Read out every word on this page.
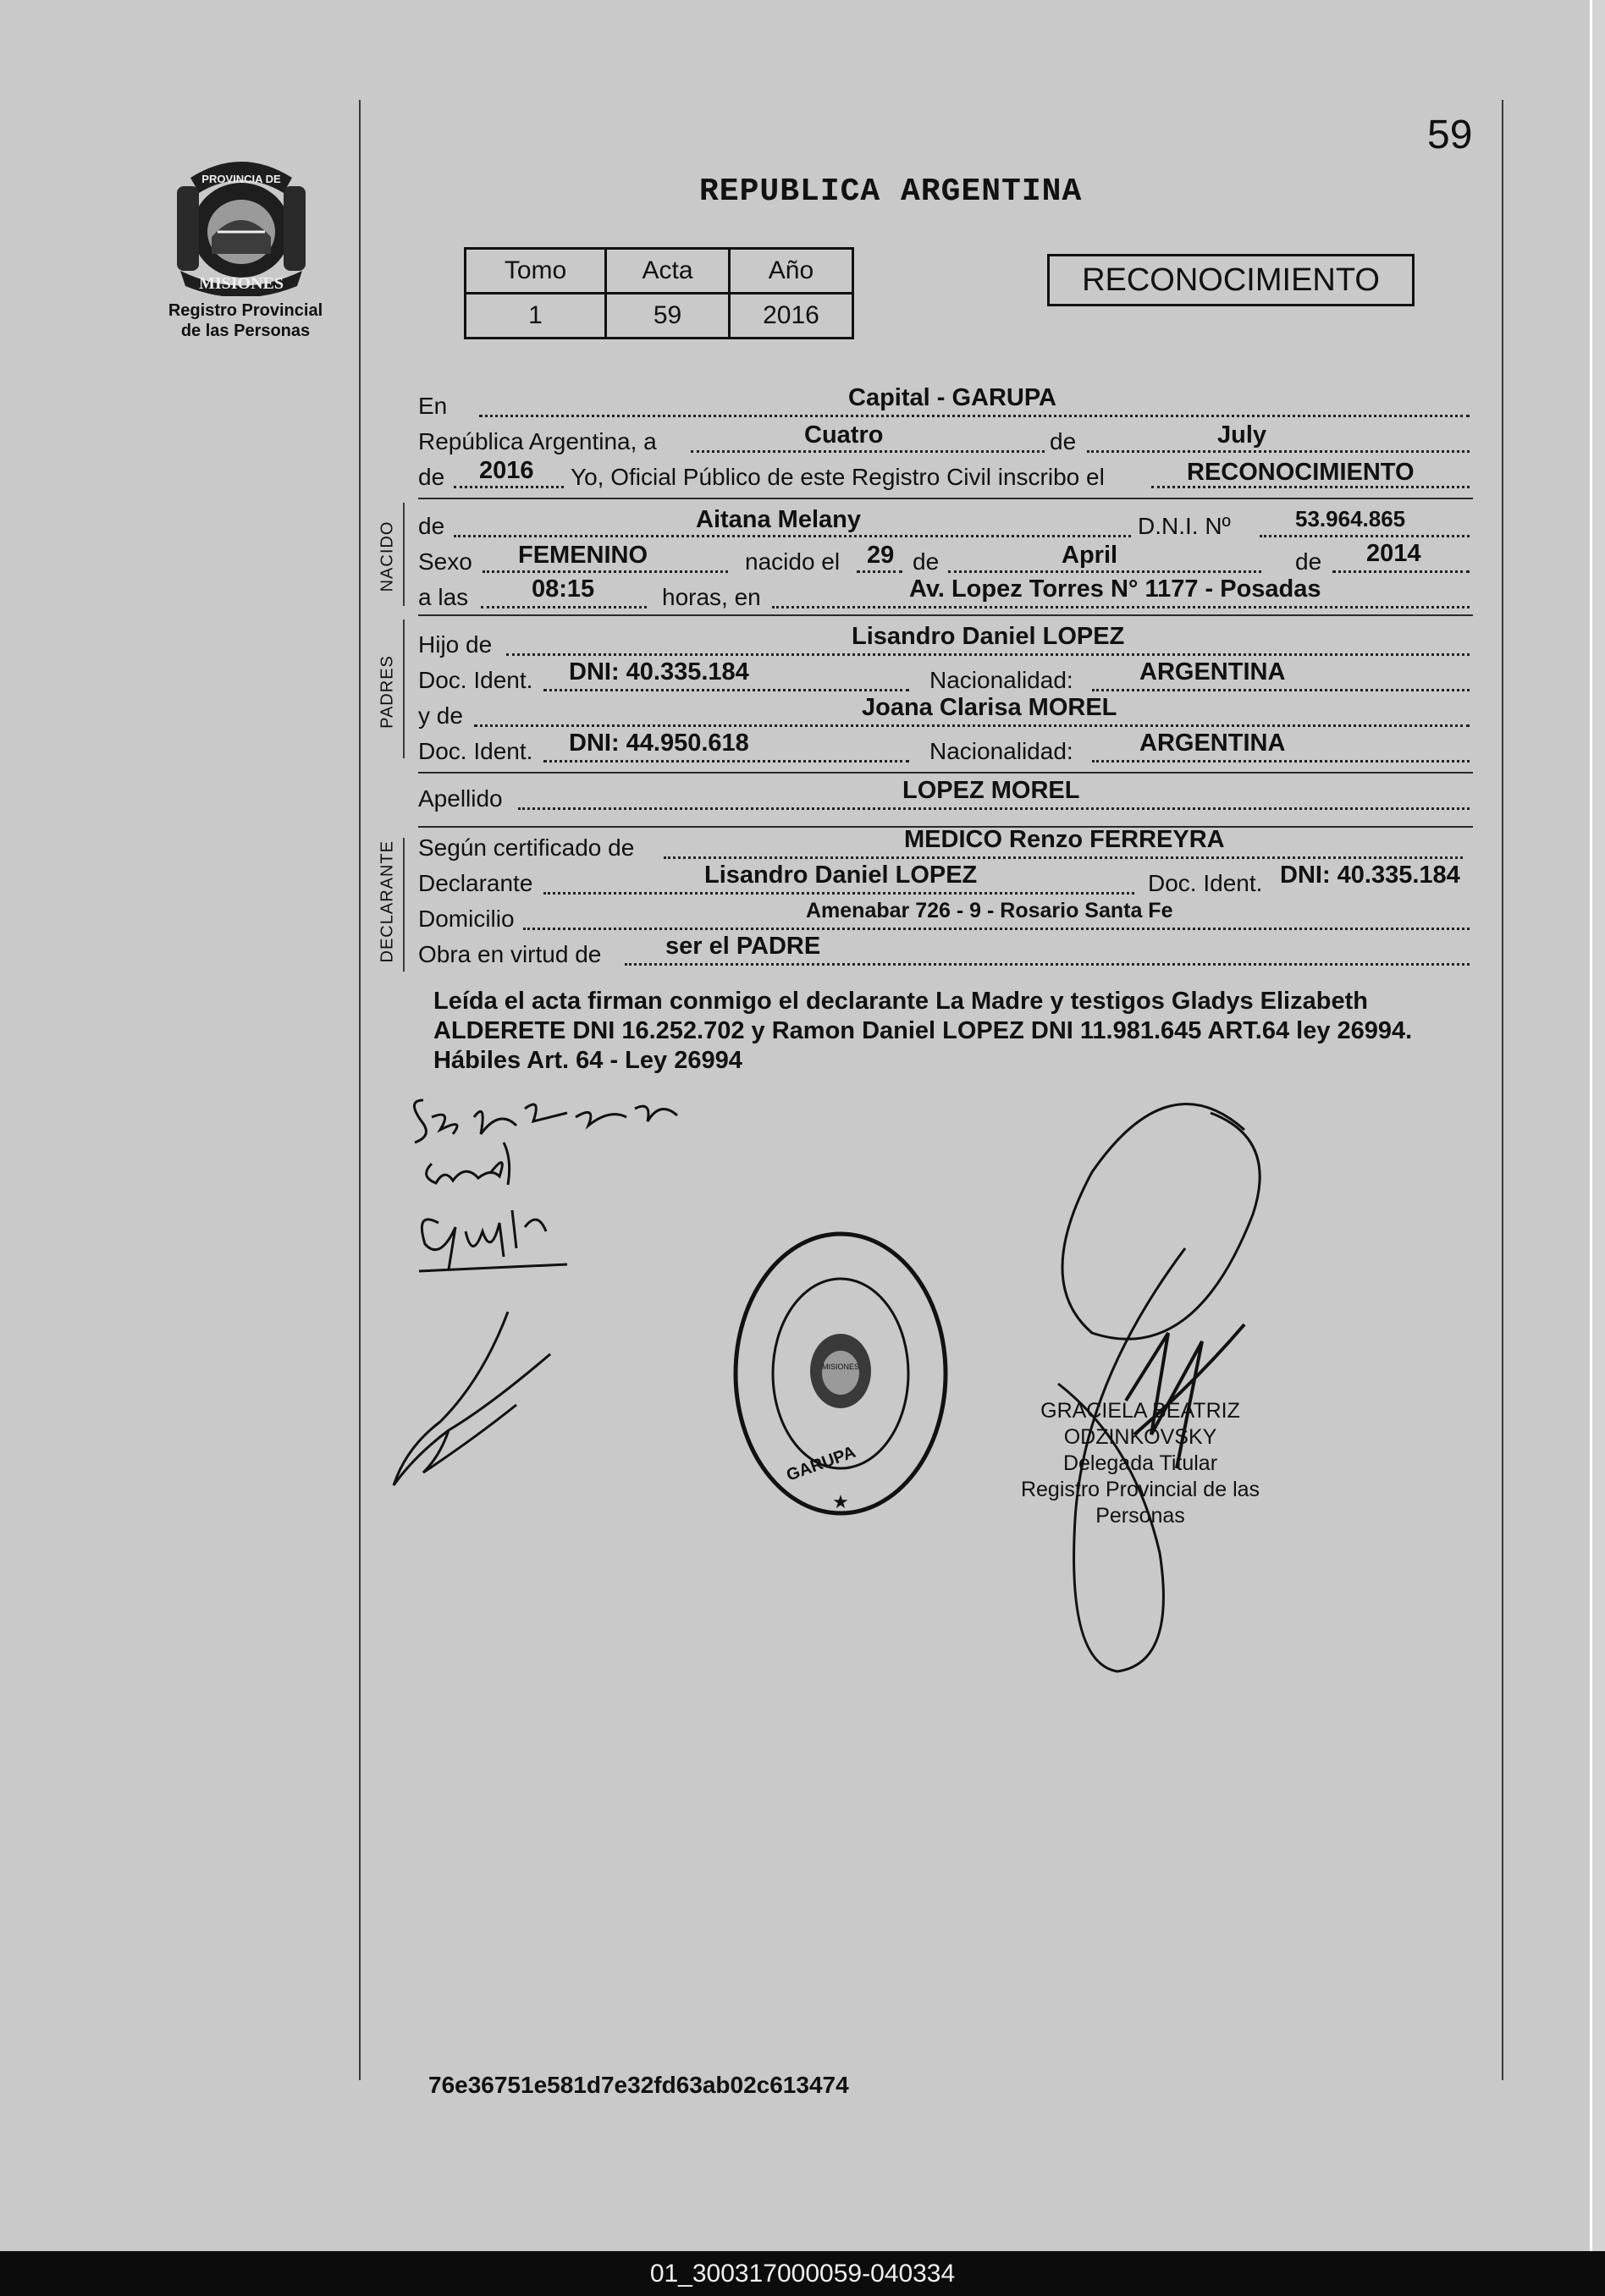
PROVINCIA DE
MISIONES
Registro Provincial
de las Personas
59
REPUBLICA ARGENTINA
Tomo	Acta	Año
1	59	2016
RECONOCIMIENTO
En	Capital - GARUPA
República Argentina, a	Cuatro	de	July
de 2016 Yo, Oficial Público de este Registro Civil inscribo el	RECONOCIMIENTO
NACIDO de	Aitana Melany	D.N.I. Nº	53.964.865
Sexo FEMENINO	nacido el 29 de	April	de 2014
a las	08:15	horas, en	Av. Lopez Torres N° 1177 - Posadas
PADRES
Hijo de	Lisandro Daniel LOPEZ
Doc. Ident. DNI: 40.335.184	Nacionalidad:	ARGENTINA
y de	Joana Clarisa MOREL
Doc. Ident. DNI: 44.950.618	Nacionalidad:	ARGENTINA
Apellido	LOPEZ MOREL
DECLARANTE Según certificado de	MEDICO Renzo FERREYRA
Declarante	Lisandro Daniel LOPEZ	Doc. Ident. DNI: 40.335.184
Domicilio	Amenabar 726 - 9 - Rosario Santa Fe
Obra en virtud de	ser el PADRE
Leída el acta firman conmigo el declarante La Madre y testigos Gladys Elizabeth ALDERETE DNI 16.252.702 y Ramon Daniel LOPEZ DNI 11.981.645 ART.64 ley 26994. Hábiles Art. 64 - Ley 26994
MISIONES
GARUPA
★
GRACIELA BEATRIZ ODZINKOVSKY
Delegada Titular
Registro Provincial de las Personas
76e36751e581d7e32fd63ab02c613474
01_300317000059-040334
